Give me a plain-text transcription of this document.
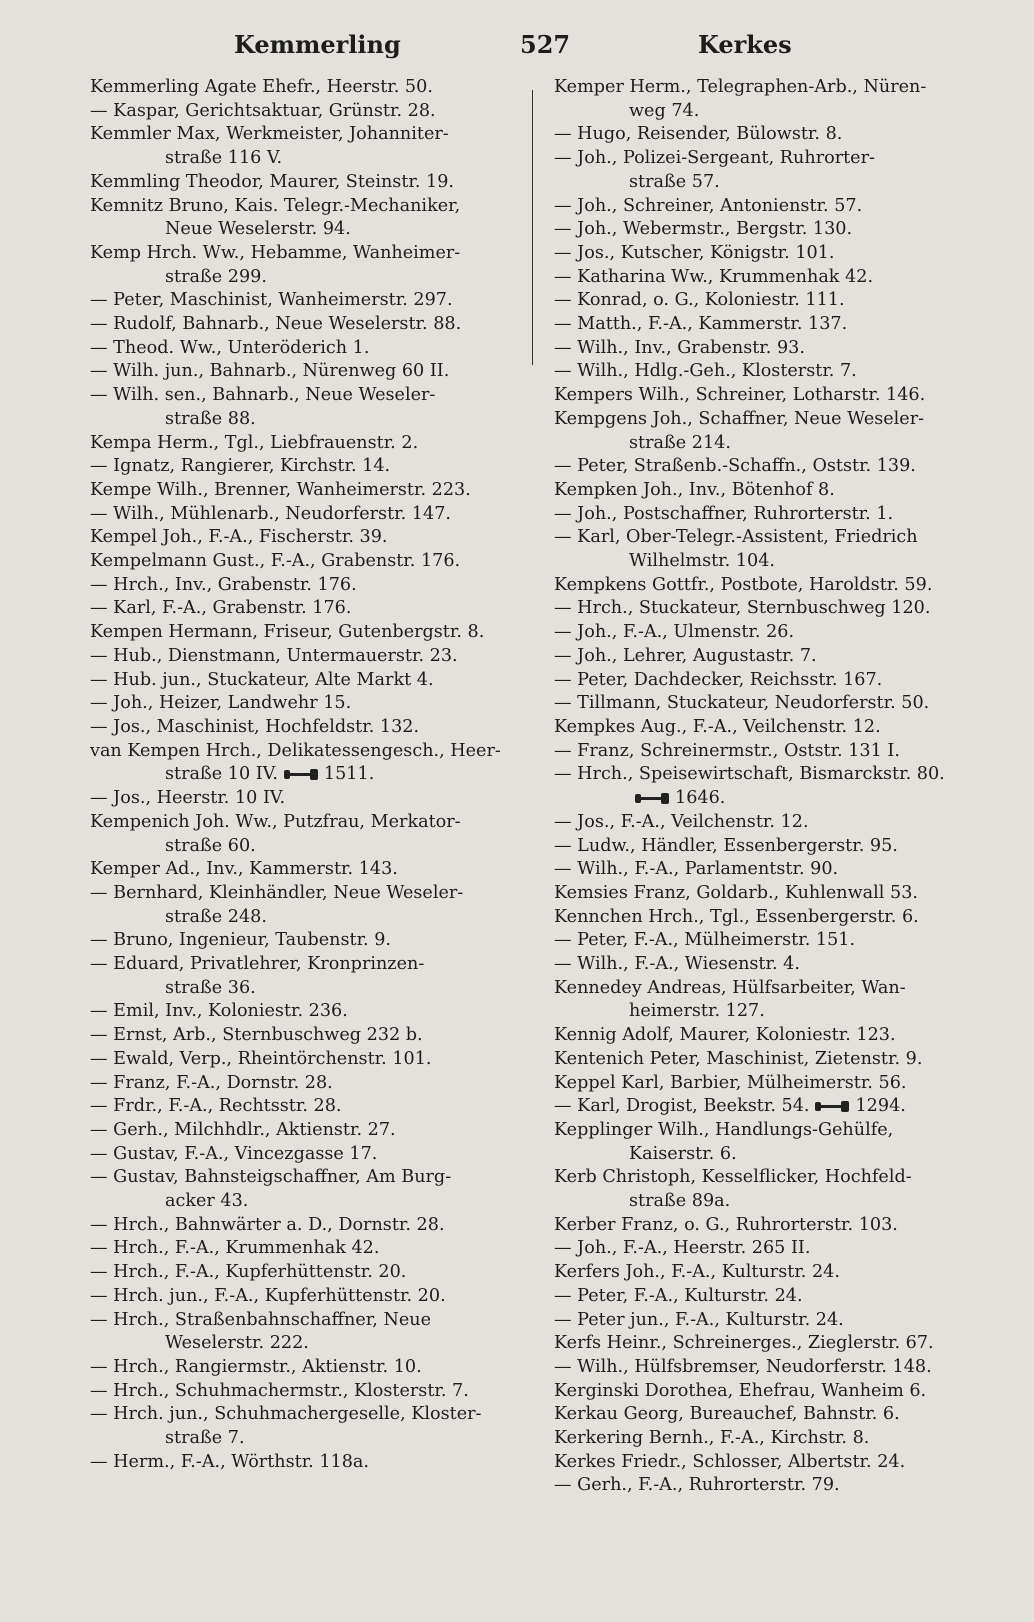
Kemmerling	527	Kerkes
Kemmerling Agate Ehefr., Heerstr. 50.
— Kaspar, Gerichtsaktuar, Grünstr. 28.
Kemmler Max, Werkmeister, Johanniter-
straße 116 V.
Kemmling Theodor, Maurer, Steinstr. 19.
Kemnitz Bruno, Kais. Telegr.-Mechaniker,
Neue Weselerstr. 94.
Kemp Hrch. Ww., Hebamme, Wanheimer-
straße 299.
— Peter, Maschinist, Wanheimerstr. 297.
— Rudolf, Bahnarb., Neue Weselerstr. 88.
— Theod. Ww., Unteröderich 1.
— Wilh. jun., Bahnarb., Nürenweg 60 II.
— Wilh. sen., Bahnarb., Neue Weseler-
straße 88.
Kempa Herm., Tgl., Liebfrauenstr. 2.
— Ignatz, Rangierer, Kirchstr. 14.
Kempe Wilh., Brenner, Wanheimerstr. 223.
— Wilh., Mühlenarb., Neudorferstr. 147.
Kempel Joh., F.-A., Fischerstr. 39.
Kempelmann Gust., F.-A., Grabenstr. 176.
— Hrch., Inv., Grabenstr. 176.
— Karl, F.-A., Grabenstr. 176.
Kempen Hermann, Friseur, Gutenbergstr. 8.
— Hub., Dienstmann, Untermauerstr. 23.
— Hub. jun., Stuckateur, Alte Markt 4.
— Joh., Heizer, Landwehr 15.
— Jos., Maschinist, Hochfeldstr. 132.
van Kempen Hrch., Delikatessengesch., Heer-
straße 10 IV.	1511.
— Jos., Heerstr. 10 IV.
Kempenich Joh. Ww., Putzfrau, Merkator-
straße 60.
Kemper Ad., Inv., Kammerstr. 143.
— Bernhard, Kleinhändler, Neue Weseler-
straße 248.
— Bruno, Ingenieur, Taubenstr. 9.
— Eduard, Privatlehrer, Kronprinzen-
straße 36.
— Emil, Inv., Koloniestr. 236.
— Ernst, Arb., Sternbuschweg 232 b.
— Ewald, Verp., Rheintörchenstr. 101.
— Franz, F.-A., Dornstr. 28.
— Frdr., F.-A., Rechtsstr. 28.
— Gerh., Milchhdlr., Aktienstr. 27.
— Gustav, F.-A., Vincezgasse 17.
— Gustav, Bahnsteigschaffner, Am Burg-
acker 43.
— Hrch., Bahnwärter a. D., Dornstr. 28.
— Hrch., F.-A., Krummenhak 42.
— Hrch., F.-A., Kupferhüttenstr. 20.
— Hrch. jun., F.-A., Kupferhüttenstr. 20.
— Hrch., Straßenbahnschaffner, Neue
Weselerstr. 222.
— Hrch., Rangiermstr., Aktienstr. 10.
— Hrch., Schuhmachermstr., Klosterstr. 7.
— Hrch. jun., Schuhmachergeselle, Kloster-
straße 7.
— Herm., F.-A., Wörthstr. 118a.
Kemper Herm., Telegraphen-Arb., Nüren-
weg 74.
— Hugo, Reisender, Bülowstr. 8.
— Joh., Polizei-Sergeant, Ruhrorter-
straße 57.
— Joh., Schreiner, Antonienstr. 57.
— Joh., Webermstr., Bergstr. 130.
— Jos., Kutscher, Königstr. 101.
— Katharina Ww., Krummenhak 42.
— Konrad, o. G., Koloniestr. 111.
— Matth., F.-A., Kammerstr. 137.
— Wilh., Inv., Grabenstr. 93.
— Wilh., Hdlg.-Geh., Klosterstr. 7.
Kempers Wilh., Schreiner, Lotharstr. 146.
Kempgens Joh., Schaffner, Neue Weseler-
straße 214.
— Peter, Straßenb.-Schaffn., Oststr. 139.
Kempken Joh., Inv., Bötenhof 8.
— Joh., Postschaffner, Ruhrorterstr. 1.
— Karl, Ober-Telegr.-Assistent, Friedrich
Wilhelmstr. 104.
Kempkens Gottfr., Postbote, Haroldstr. 59.
— Hrch., Stuckateur, Sternbuschweg 120.
— Joh., F.-A., Ulmenstr. 26.
— Joh., Lehrer, Augustastr. 7.
— Peter, Dachdecker, Reichsstr. 167.
— Tillmann, Stuckateur, Neudorferstr. 50.
Kempkes Aug., F.-A., Veilchenstr. 12.
— Franz, Schreinermstr., Oststr. 131 I.
— Hrch., Speisewirtschaft, Bismarckstr. 80.
1646.
— Jos., F.-A., Veilchenstr. 12.
— Ludw., Händler, Essenbergerstr. 95.
— Wilh., F.-A., Parlamentstr. 90.
Kemsies Franz, Goldarb., Kuhlenwall 53.
Kennchen Hrch., Tgl., Essenbergerstr. 6.
— Peter, F.-A., Mülheimerstr. 151.
— Wilh., F.-A., Wiesenstr. 4.
Kennedey Andreas, Hülfsarbeiter, Wan-
heimerstr. 127.
Kennig Adolf, Maurer, Koloniestr. 123.
Kentenich Peter, Maschinist, Zietenstr. 9.
Keppel Karl, Barbier, Mülheimerstr. 56.
— Karl, Drogist, Beekstr. 54.	1294.
Kepplinger Wilh., Handlungs-Gehülfe,
Kaiserstr. 6.
Kerb Christoph, Kesselflicker, Hochfeld-
straße 89a.
Kerber Franz, o. G., Ruhrorterstr. 103.
— Joh., F.-A., Heerstr. 265 II.
Kerfers Joh., F.-A., Kulturstr. 24.
— Peter, F.-A., Kulturstr. 24.
— Peter jun., F.-A., Kulturstr. 24.
Kerfs Heinr., Schreinerges., Zieglerstr. 67.
— Wilh., Hülfsbremser, Neudorferstr. 148.
Kerginski Dorothea, Ehefrau, Wanheim 6.
Kerkau Georg, Bureauchef, Bahnstr. 6.
Kerkering Bernh., F.-A., Kirchstr. 8.
Kerkes Friedr., Schlosser, Albertstr. 24.
— Gerh., F.-A., Ruhrorterstr. 79.
